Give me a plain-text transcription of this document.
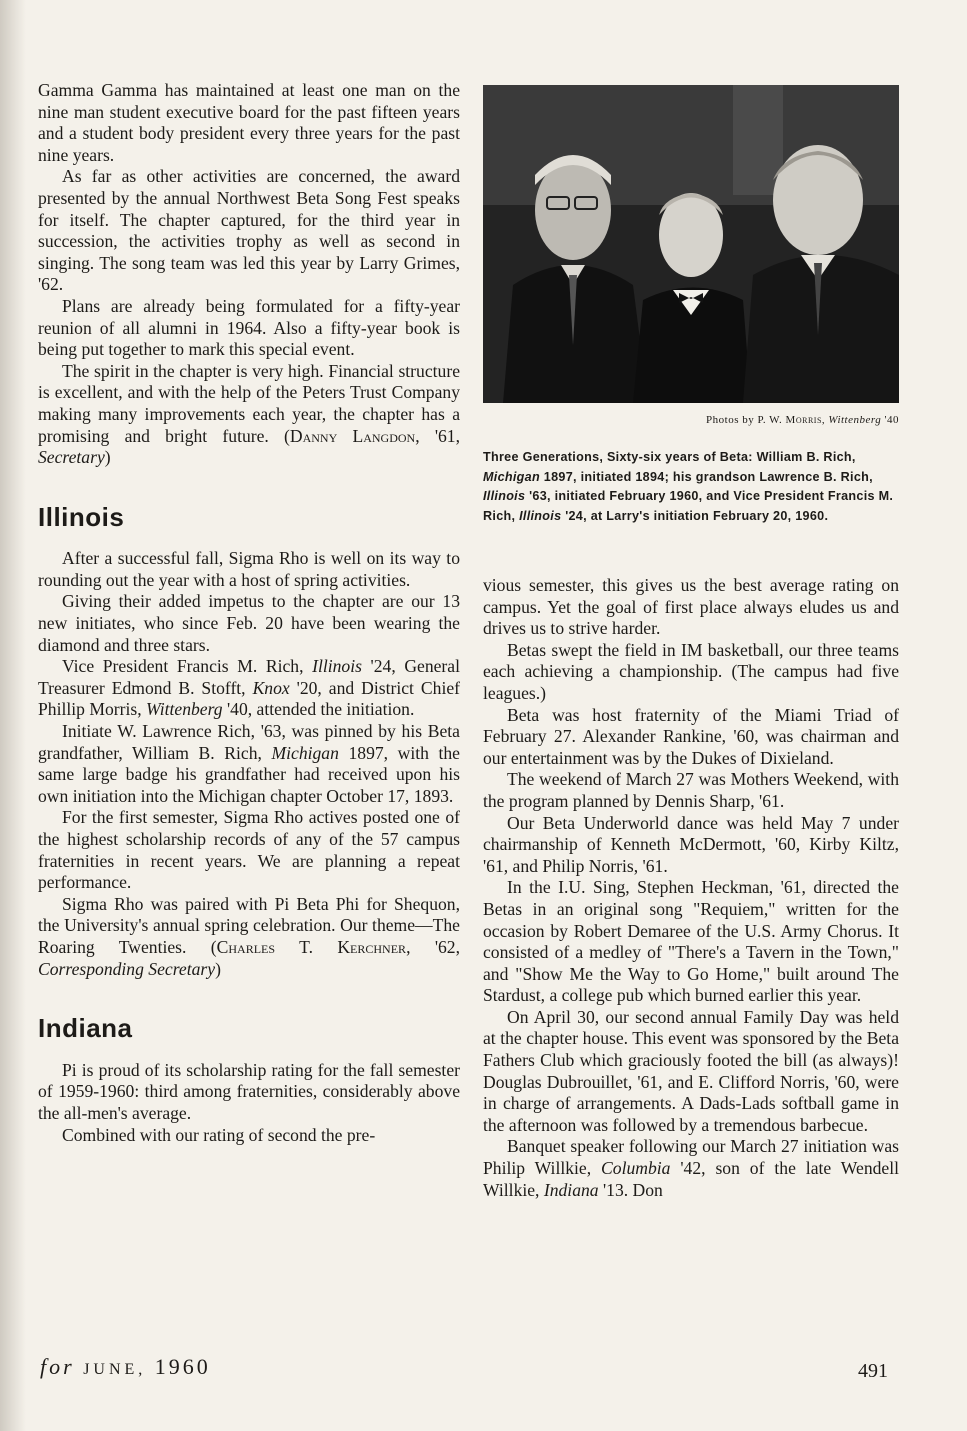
Gamma Gamma has maintained at least one man on the nine man student executive board for the past fifteen years and a student body president every three years for the past nine years.

As far as other activities are concerned, the award presented by the annual Northwest Beta Song Fest speaks for itself. The chapter captured, for the third year in succession, the activities trophy as well as second in singing. The song team was led this year by Larry Grimes, '62.

Plans are already being formulated for a fifty-year reunion of all alumni in 1964. Also a fifty-year book is being put together to mark this special event.

The spirit in the chapter is very high. Financial structure is excellent, and with the help of the Peters Trust Company making many improvements each year, the chapter has a promising and bright future. (Danny Langdon, '61, Secretary)

Illinois

After a successful fall, Sigma Rho is well on its way to rounding out the year with a host of spring activities.

Giving their added impetus to the chapter are our 13 new initiates, who since Feb. 20 have been wearing the diamond and three stars.

Vice President Francis M. Rich, Illinois '24, General Treasurer Edmond B. Stofft, Knox '20, and District Chief Phillip Morris, Wittenberg '40, attended the initiation.

Initiate W. Lawrence Rich, '63, was pinned by his Beta grandfather, William B. Rich, Michigan 1897, with the same large badge his grandfather had received upon his own initiation into the Michigan chapter October 17, 1893.

For the first semester, Sigma Rho actives posted one of the highest scholarship records of any of the 57 campus fraternities in recent years. We are planning a repeat performance.

Sigma Rho was paired with Pi Beta Phi for Shequon, the University's annual spring celebration. Our theme—The Roaring Twenties. (Charles T. Kerchner, '62, Corresponding Secretary)

Indiana

Pi is proud of its scholarship rating for the fall semester of 1959-1960: third among fraternities, considerably above the all-men's average.

Combined with our rating of second the pre-

Photos by P. W. Morris, Wittenberg '40
Three Generations, Sixty-six years of Beta: William B. Rich, Michigan 1897, initiated 1894; his grandson Lawrence B. Rich, Illinois '63, initiated February 1960, and Vice President Francis M. Rich, Illinois '24, at Larry's initiation February 20, 1960.

vious semester, this gives us the best average rating on campus. Yet the goal of first place always eludes us and drives us to strive harder.

Betas swept the field in IM basketball, our three teams each achieving a championship. (The campus had five leagues.)

Beta was host fraternity of the Miami Triad of February 27. Alexander Rankine, '60, was chairman and our entertainment was by the Dukes of Dixieland.

The weekend of March 27 was Mothers Weekend, with the program planned by Dennis Sharp, '61.

Our Beta Underworld dance was held May 7 under chairmanship of Kenneth McDermott, '60, Kirby Kiltz, '61, and Philip Norris, '61.

In the I.U. Sing, Stephen Heckman, '61, directed the Betas in an original song "Requiem," written for the occasion by Robert Demaree of the U.S. Army Chorus. It consisted of a medley of "There's a Tavern in the Town," and "Show Me the Way to Go Home," built around The Stardust, a college pub which burned earlier this year.

On April 30, our second annual Family Day was held at the chapter house. This event was sponsored by the Beta Fathers Club which graciously footed the bill (as always)! Douglas Dubrouillet, '61, and E. Clifford Norris, '60, were in charge of arrangements. A Dads-Lads softball game in the afternoon was followed by a tremendous barbecue.

Banquet speaker following our March 27 initiation was Philip Willkie, Columbia '42, son of the late Wendell Willkie, Indiana '13. Don

for JUNE, 1960	491
